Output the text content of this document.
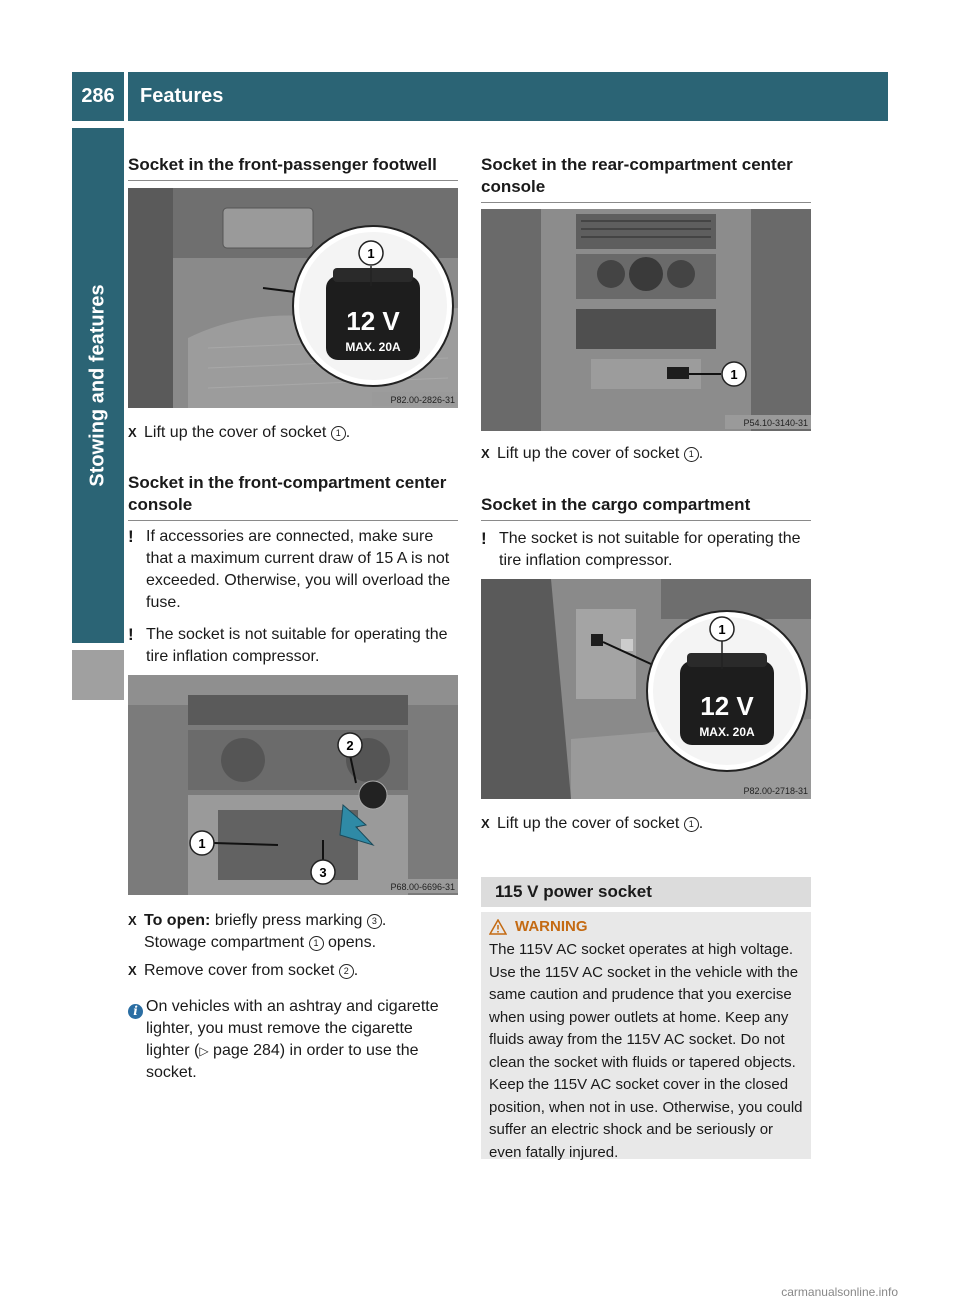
286	Features
Stowing and features
Socket in the front-passenger footwell
12 V
MAX. 20A
1
P82.00-2826-31

X Lift up the cover of socket 1 .

Socket in the front-compartment center console

! If accessories are connected, make sure that a maximum current draw of 15 A is not exceeded. Otherwise, you will overload the fuse.

! The socket is not suitable for operating the tire inflation compressor.

1
2
3
P68.00-6696-31

X To open: briefly press marking 3 .

Stowage compartment 1 opens.

X Remove cover from socket 2 .

i On vehicles with an ashtray and cigarette

lighter, you must remove the cigarette

lighter (▷ page 284) in order to use the

socket.

Socket in the rear-compartment center console
1
P54.10-3140-31

X Lift up the cover of socket 1 .

Socket in the cargo compartment

! The socket is not suitable for operating the tire inflation compressor.

12 V
MAX. 20A
1
P82.00-2718-31

X Lift up the cover of socket 1 .

115 V power socket
WARNING

The 115V AC socket operates at high voltage. Use the 115V AC socket in the vehicle with the same caution and prudence that you exercise when using power outlets at home. Keep any fluids away from the 115V AC socket. Do not clean the socket with fluids or tapered objects. Keep the 115V AC socket cover in the closed position, when not in use. Otherwise, you could suffer an electric shock and be seriously or even fatally injured.

carmanualsonline.info
